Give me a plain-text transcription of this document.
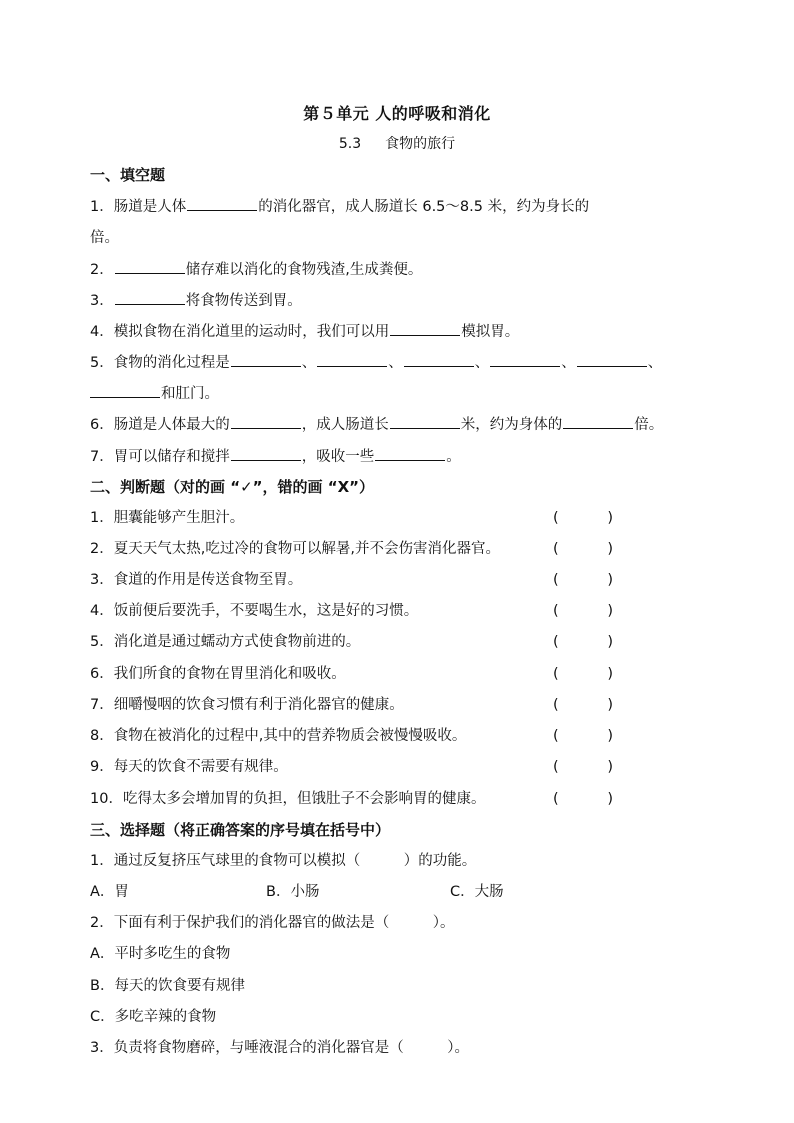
第５单元 人的呼吸和消化
5.3 食物的旅行
一、填空题
1．肠道是人体	的消化器官，成人肠道长 6.5～8.5 米，约为身长的
倍。
2．	储存难以消化的食物残渣,生成粪便。
3．	将食物传送到胃。
4．模拟食物在消化道里的运动时，我们可以用	模拟胃。
5．食物的消化过程是	、	、	、	、	、
和肛门。
6．肠道是人体最大的	，成人肠道长	米，约为身体的	倍。
7．胃可以储存和搅拌	，吸收一些	。
二、判断题（对的画 “✓”，错的画 “X”）
1．胆囊能够产生胆汁。	(	)
2．夏天天气太热,吃过冷的食物可以解暑,并不会伤害消化器官。	(	)
3．食道的作用是传送食物至胃。	(	)
4．饭前便后要洗手，不要喝生水，这是好的习惯。	(	)
5．消化道是通过蠕动方式使食物前进的。	(	)
6．我们所食的食物在胃里消化和吸收。	(	)
7．细嚼慢咽的饮食习惯有利于消化器官的健康。	(	)
8．食物在被消化的过程中,其中的营养物质会被慢慢吸收。	(	)
9．每天的饮食不需要有规律。	(	)
10．吃得太多会增加胃的负担，但饿肚子不会影响胃的健康。	(	)
三、选择题（将正确答案的序号填在括号中）
1．通过反复挤压气球里的食物可以模拟（　　　）的功能。
A．胃	B．小肠	C．大肠
2．下面有利于保护我们的消化器官的做法是（　　　）。
A．平时多吃生的食物
B．每天的饮食要有规律
C．多吃辛辣的食物
3．负责将食物磨碎，与唾液混合的消化器官是（　　　）。
